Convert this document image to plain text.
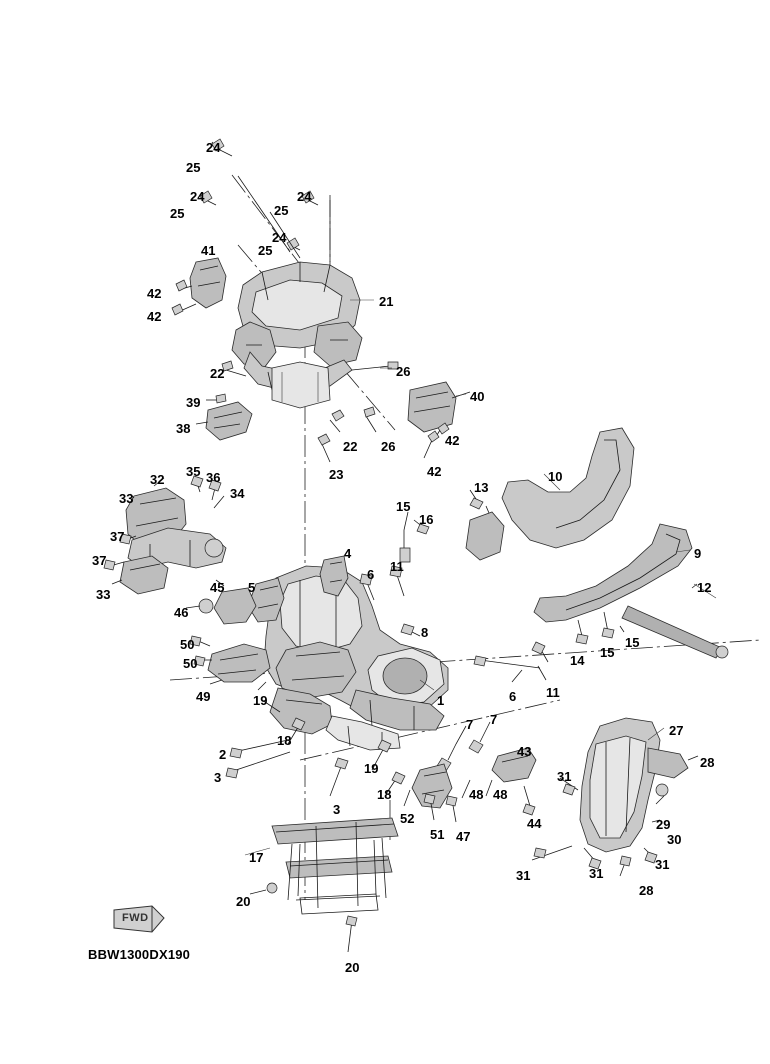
FWD
BBW1300DX190
24
25
24	24
25	25
41
24
25
42
42
21
26
22
40
39
38
22 26	42
23	42	10
13
32
35 36
33	34
15
16
9
37
37	11
4
33
6
12
45 5
46
8
15
14
15
50
50
49	19	1	6 11
7 7
27
18
2	43
28
31
3
19
18	48 48
29
30
3
52
51 47
44
31
31
17
31
28
20
20
